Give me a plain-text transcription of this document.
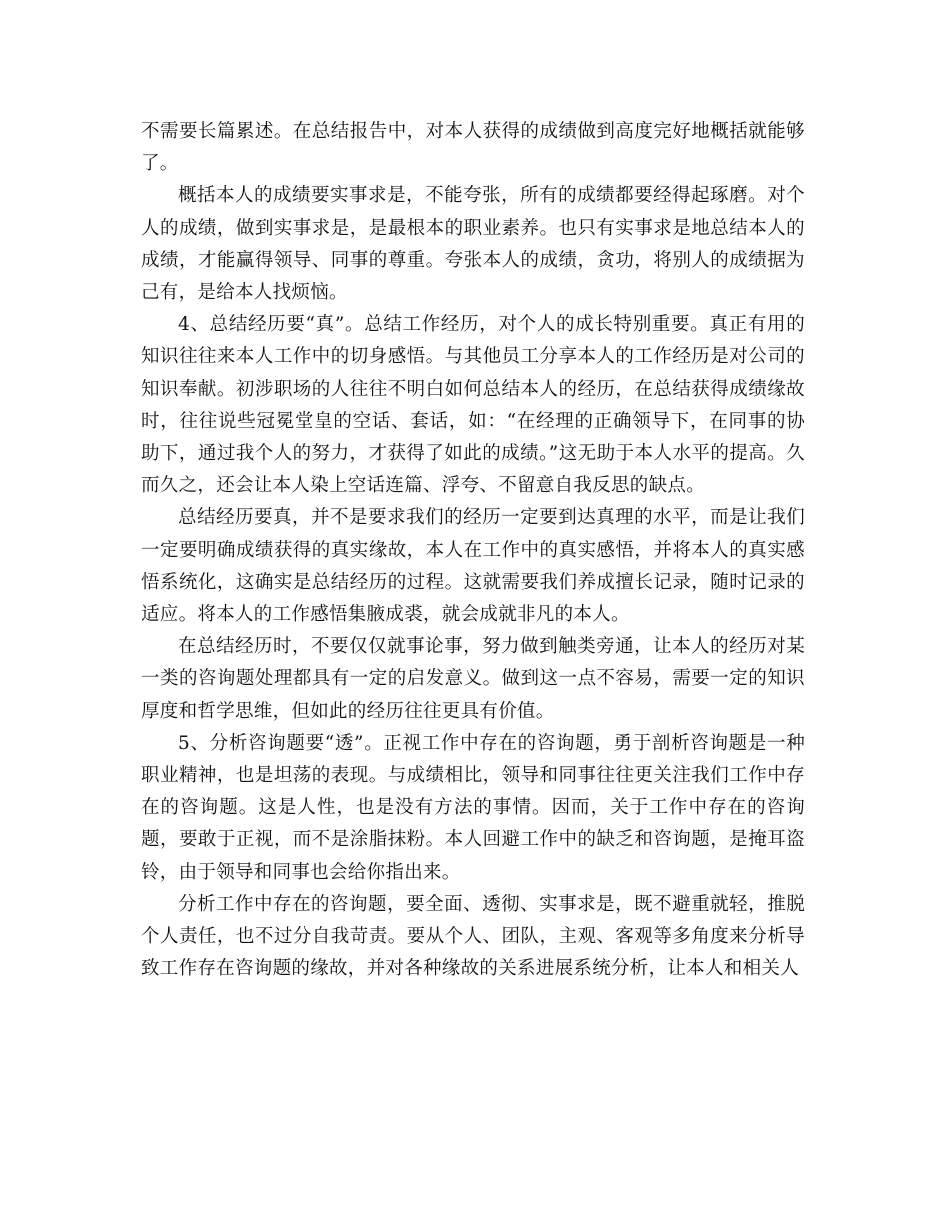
不需要长篇累述。在总结报告中，对本人获得的成绩做到高度完好地概括就能够了。

概括本人的成绩要实事求是，不能夸张，所有的成绩都要经得起琢磨。对个人的成绩，做到实事求是，是最根本的职业素养。也只有实事求是地总结本人的成绩，才能赢得领导、同事的尊重。夸张本人的成绩，贪功，将别人的成绩据为己有，是给本人找烦恼。

4、总结经历要“真”。总结工作经历，对个人的成长特别重要。真正有用的知识往往来本人工作中的切身感悟。与其他员工分享本人的工作经历是对公司的知识奉献。初涉职场的人往往不明白如何总结本人的经历，在总结获得成绩缘故时，往往说些冠冕堂皇的空话、套话，如：“在经理的正确领导下，在同事的协助下，通过我个人的努力，才获得了如此的成绩。”这无助于本人水平的提高。久而久之，还会让本人染上空话连篇、浮夸、不留意自我反思的缺点。

总结经历要真，并不是要求我们的经历一定要到达真理的水平，而是让我们一定要明确成绩获得的真实缘故，本人在工作中的真实感悟，并将本人的真实感悟系统化，这确实是总结经历的过程。这就需要我们养成擅长记录，随时记录的适应。将本人的工作感悟集腋成裘，就会成就非凡的本人。

在总结经历时，不要仅仅就事论事，努力做到触类旁通，让本人的经历对某一类的咨询题处理都具有一定的启发意义。做到这一点不容易，需要一定的知识厚度和哲学思维，但如此的经历往往更具有价值。

5、分析咨询题要“透”。正视工作中存在的咨询题，勇于剖析咨询题是一种职业精神，也是坦荡的表现。与成绩相比，领导和同事往往更关注我们工作中存在的咨询题。这是人性，也是没有方法的事情。因而，关于工作中存在的咨询题，要敢于正视，而不是涂脂抹粉。本人回避工作中的缺乏和咨询题，是掩耳盗铃，由于领导和同事也会给你指出来。

分析工作中存在的咨询题，要全面、透彻、实事求是，既不避重就轻，推脱个人责任，也不过分自我苛责。要从个人、团队，主观、客观等多角度来分析导致工作存在咨询题的缘故，并对各种缘故的关系进展系统分析，让本人和相关人
